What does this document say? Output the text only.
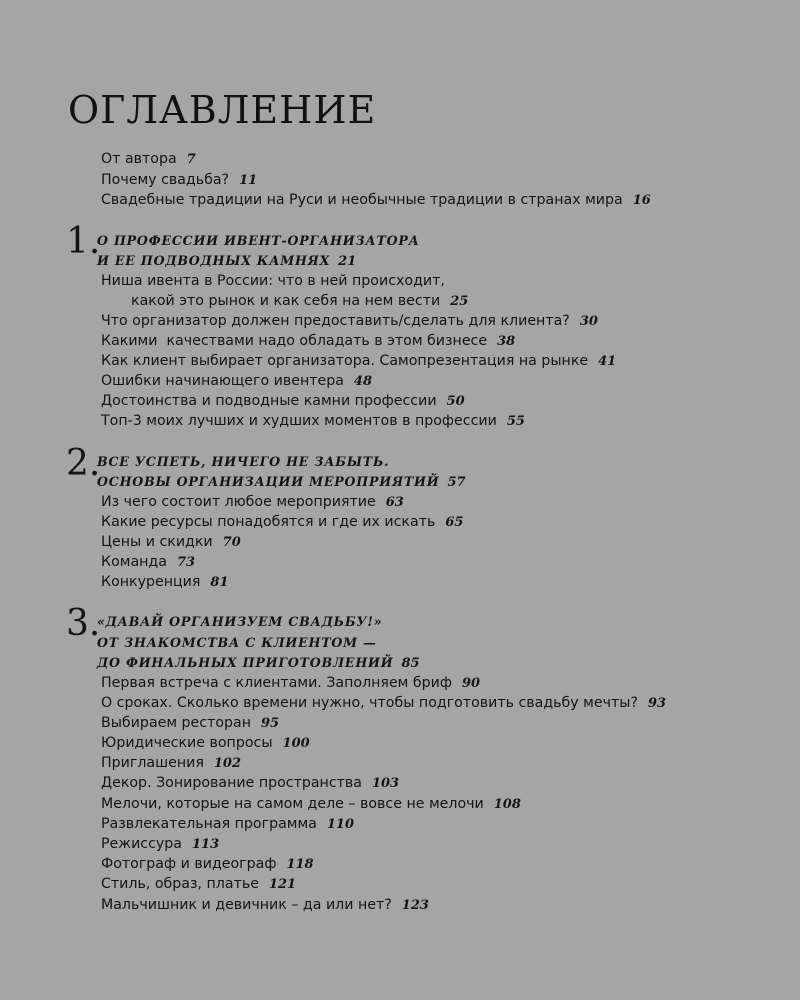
ОГЛАВЛЕНИЕ
От автора 7
Почему свадьба? 11
Свадебные традиции на Руси и необычные традиции в странах мира 16
1.
О ПРОФЕССИИ ИВЕНТ-ОРГАНИЗАТОРА
И ЕЕ ПОДВОДНЫХ КАМНЯХ 21
Ниша ивента в России: что в ней происходит,
какой это рынок и как себя на нем вести 25
Что организатор должен предоставить/сделать для клиента? 30
Какими  качествами надо обладать в этом бизнесе 38
Как клиент выбирает организатора. Самопрезентация на рынке 41
Ошибки начинающего ивентера 48
Достоинства и подводные камни профессии 50
Топ-3 моих лучших и худших моментов в профессии 55
2.
ВСЕ УСПЕТЬ, НИЧЕГО НЕ ЗАБЫТЬ.
ОСНОВЫ ОРГАНИЗАЦИИ МЕРОПРИЯТИЙ 57
Из чего состоит любое мероприятие 63
Какие ресурсы понадобятся и где их искать 65
Цены и скидки 70
Команда 73
Конкуренция 81
3.
«ДАВАЙ ОРГАНИЗУЕМ СВАДЬБУ!»
ОТ ЗНАКОМСТВА С КЛИЕНТОМ —
ДО ФИНАЛЬНЫХ ПРИГОТОВЛЕНИЙ 85
Первая встреча с клиентами. Заполняем бриф 90
О сроках. Сколько времени нужно, чтобы подготовить свадьбу мечты? 93
Выбираем ресторан 95
Юридические вопросы 100
Приглашения 102
Декор. Зонирование пространства 103
Мелочи, которые на самом деле – вовсе не мелочи 108
Развлекательная программа 110
Режиссура 113
Фотограф и видеограф 118
Стиль, образ, платье 121
Мальчишник и девичник – да или нет? 123
